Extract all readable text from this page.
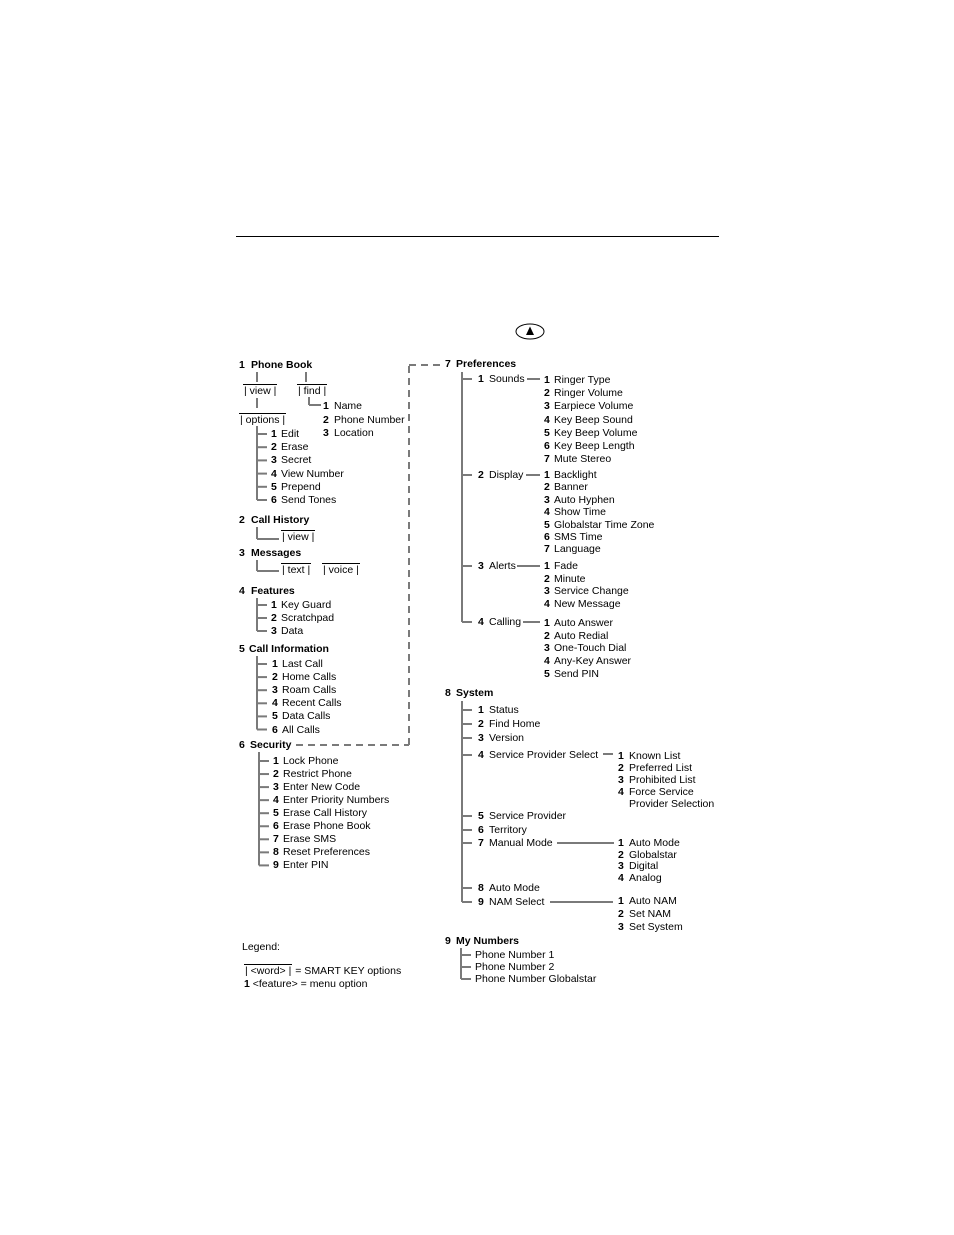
1 Phone Book
| view | | find |
| options |
1 Name
2 Phone Number
3 Location
1 Edit
2 Erase
3 Secret
4 View Number
5 Prepend
6 Send Tones
2 Call History
| view |
3 Messages
| text | | voice |
4 Features
1 Key Guard
2 Scratchpad
3 Data
5 Call Information
1 Last Call
2 Home Calls
3 Roam Calls
4 Recent Calls
5 Data Calls
6 All Calls
6 Security
1 Lock Phone
2 Restrict Phone
3 Enter New Code
4 Enter Priority Numbers
5 Erase Call History
6 Erase Phone Book
7 Erase SMS
8 Reset Preferences
9 Enter PIN
7 Preferences
1 Sounds 1 Ringer Type
2 Ringer Volume
3 Earpiece Volume
4 Key Beep Sound
5 Key Beep Volume
6 Key Beep Length
7 Mute Stereo
2 Display 1 Backlight
2 Banner
3 Auto Hyphen
4 Show Time
5 Globalstar Time Zone
6 SMS Time
7 Language
3 Alerts	1 Fade
2 Minute
3 Service Change
4 New Message
4 Calling 1 Auto Answer
2 Auto Redial
3 One-Touch Dial
4 Any-Key Answer
5 Send PIN
8 System
1 Status
2 Find Home
3 Version
4 Service Provider Select
5 Service Provider
6 Territory
7 Manual Mode
8 Auto Mode
9 NAM Select
1 Known List
2 Preferred List
3 Prohibited List
4 Force Service
Provider Selection
1 Auto Mode
2 Globalstar
3 Digital
4 Analog
1 Auto NAM
2 Set NAM
3 Set System
9 My Numbers
Phone Number 1
Phone Number 2
Phone Number Globalstar
Legend:
| <word> | = SMART KEY options
1 <feature> = menu option
